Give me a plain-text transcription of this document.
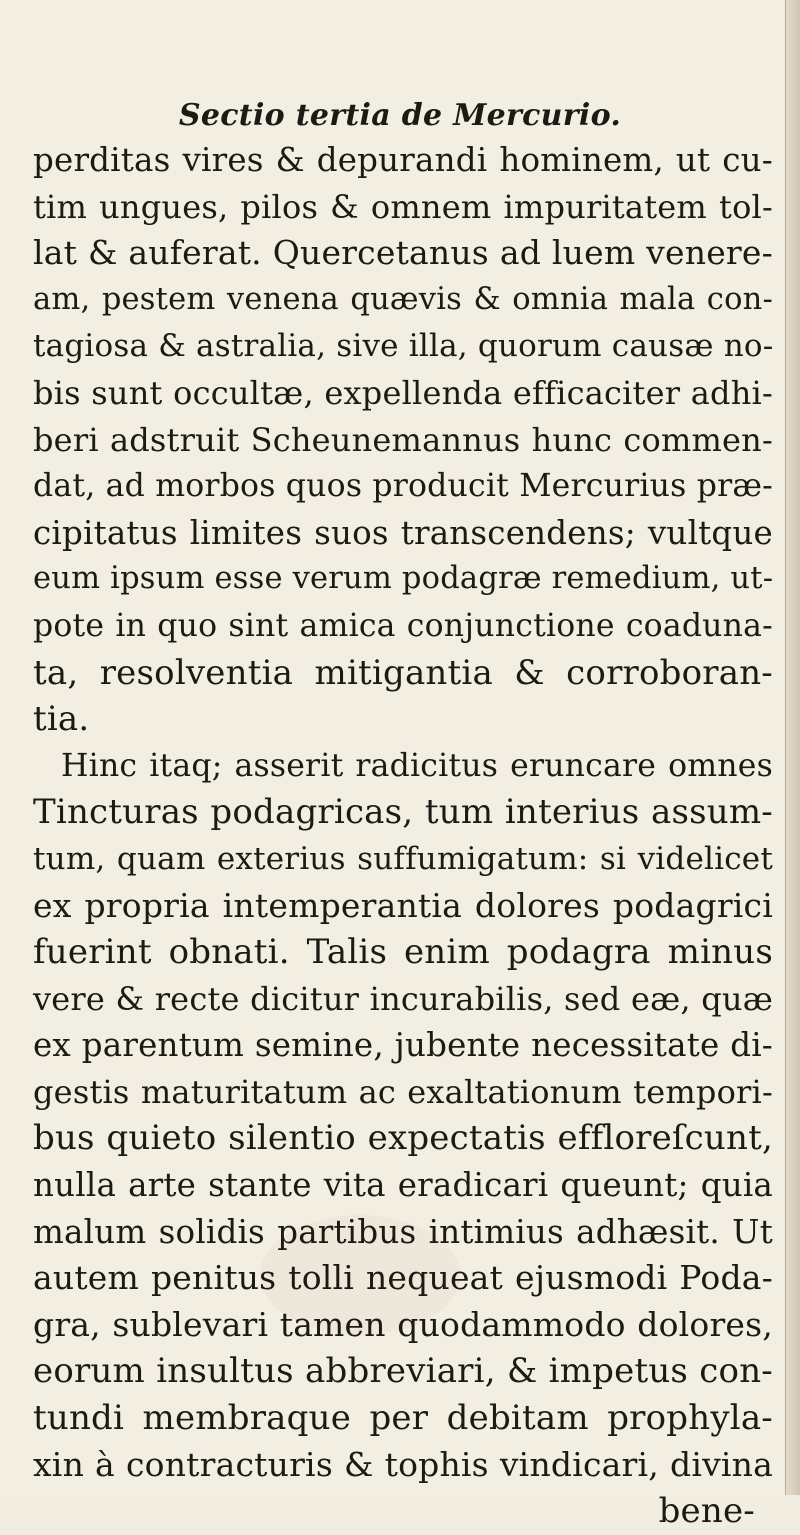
Sectio tertia de Mercurio.
perditas vires & depurandi hominem, ut cu-
tim ungues, pilos & omnem impuritatem tol-
lat & auferat. Quercetanus ad luem venere-
am, pestem venena quævis & omnia mala con-
tagiosa & astralia, sive illa, quorum causæ no-
bis sunt occultæ, expellenda efficaciter adhi-
beri adstruit Scheunemannus hunc commen-
dat, ad morbos quos producit Mercurius præ-
cipitatus limites suos transcendens; vultque
eum ipsum esse verum podagræ remedium, ut-
pote in quo sint amica conjunctione coaduna-
ta, resolventia mitigantia & corroboran-
tia.
Hinc itaq; asserit radicitus eruncare omnes
Tincturas podagricas, tum interius assum-
tum, quam exterius suffumigatum: si videlicet
ex propria intemperantia dolores podagrici
fuerint obnati. Talis enim podagra minus
vere & recte dicitur incurabilis, sed eæ, quæ
ex parentum semine, jubente necessitate di-
gestis maturitatum ac exaltationum tempori-
bus quieto silentio expectatis effloreſcunt,
nulla arte stante vita eradicari queunt; quia
malum solidis partibus intimius adhæsit. Ut
autem penitus tolli nequeat ejusmodi Poda-
gra, sublevari tamen quodammodo dolores,
eorum insultus abbreviari, & impetus con-
tundi membraque per debitam prophyla-
xin à contracturis & tophis vindicari, divina
bene-
